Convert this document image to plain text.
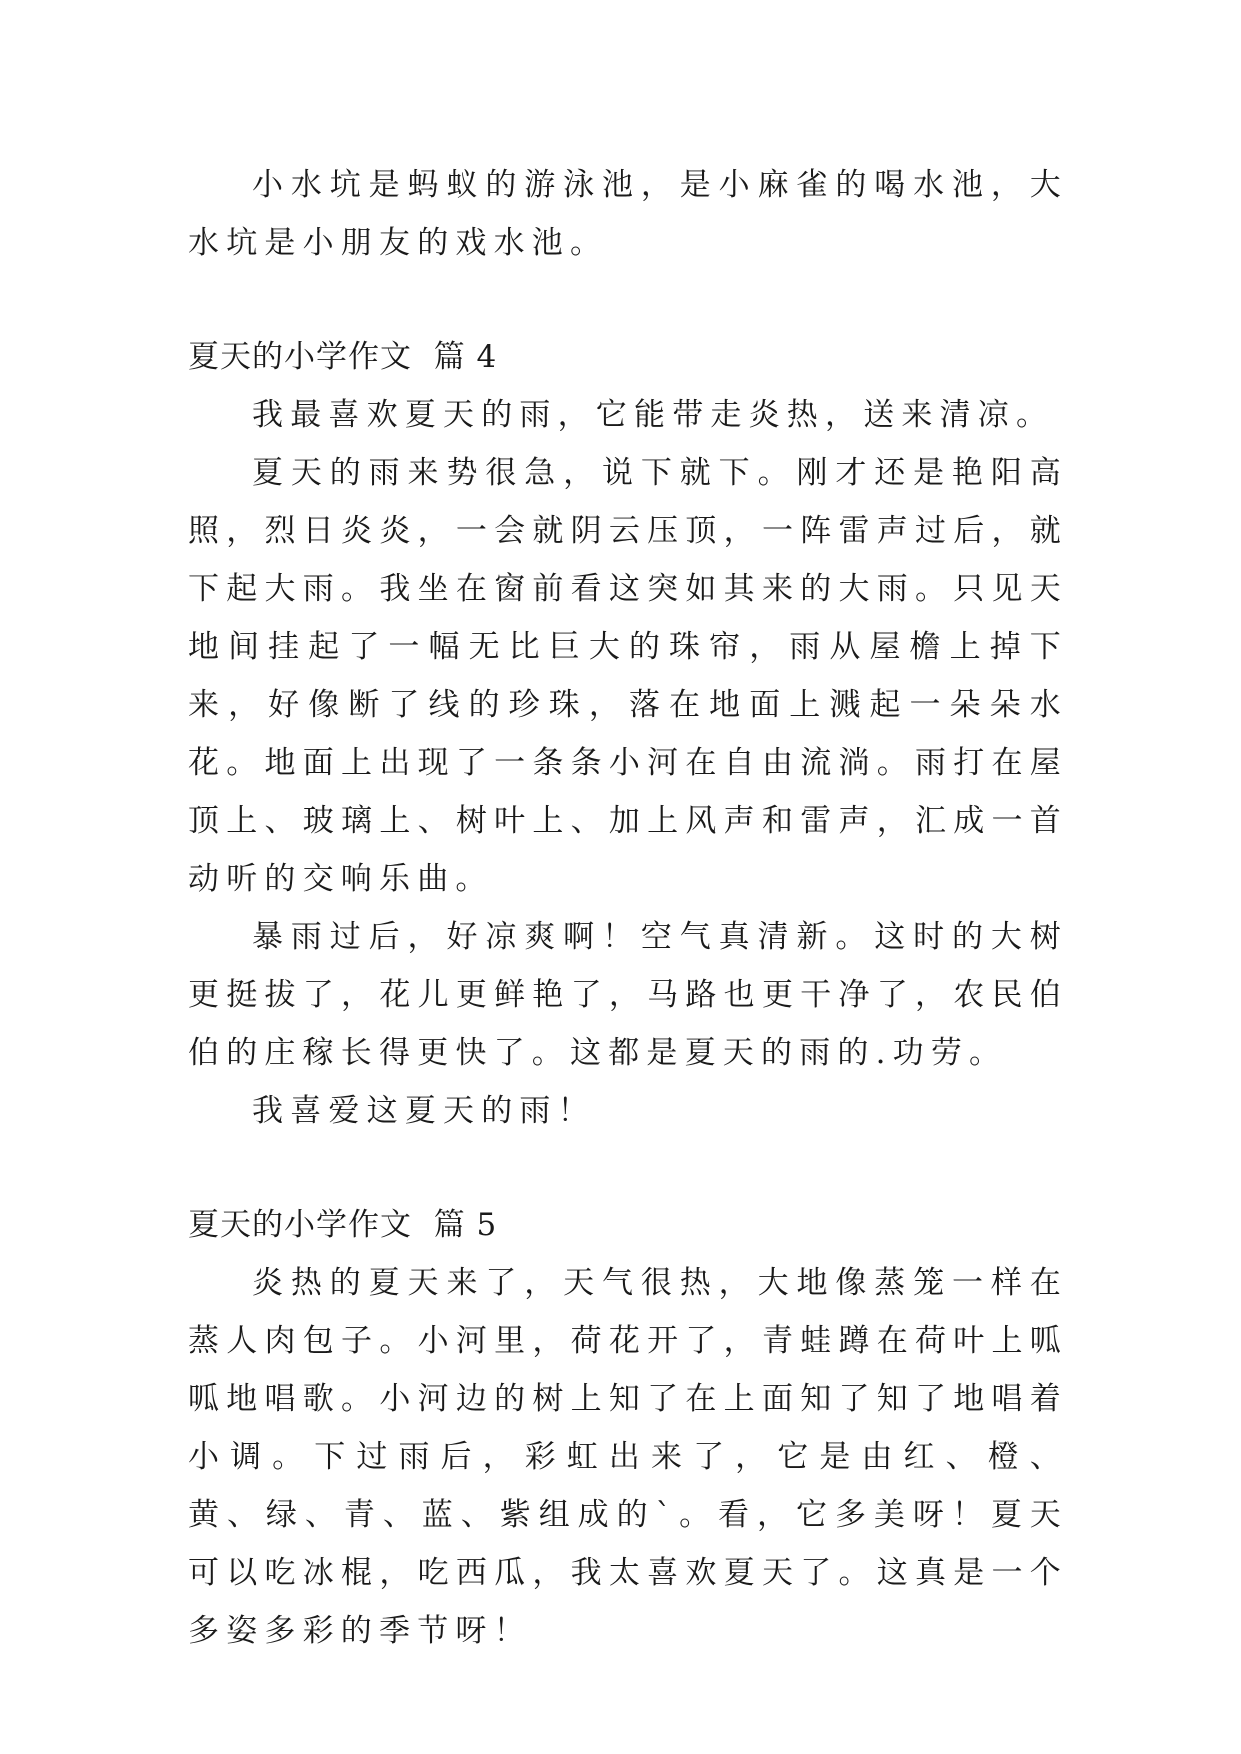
小水坑是蚂蚁的游泳池，是小麻雀的喝水池，大水坑是小朋友的戏水池。

夏天的小学作文  篇 4

我最喜欢夏天的雨，它能带走炎热，送来清凉。

夏天的雨来势很急，说下就下。刚才还是艳阳高照，烈日炎炎，一会就阴云压顶，一阵雷声过后，就下起大雨。我坐在窗前看这突如其来的大雨。只见天地间挂起了一幅无比巨大的珠帘，雨从屋檐上掉下来，好像断了线的珍珠，落在地面上溅起一朵朵水花。地面上出现了一条条小河在自由流淌。雨打在屋顶上、玻璃上、树叶上、加上风声和雷声，汇成一首动听的交响乐曲。

暴雨过后，好凉爽啊！空气真清新。这时的大树更挺拔了，花儿更鲜艳了，马路也更干净了，农民伯伯的庄稼长得更快了。这都是夏天的雨的.功劳。

我喜爱这夏天的雨！

夏天的小学作文  篇 5

炎热的夏天来了，天气很热，大地像蒸笼一样在蒸人肉包子。小河里，荷花开了，青蛙蹲在荷叶上呱呱地唱歌。小河边的树上知了在上面知了知了地唱着小调。下过雨后，彩虹出来了，它是由红、橙、 黄、绿、青、蓝、紫组成的`。看，它多美呀！夏天可以吃冰棍，吃西瓜，我太喜欢夏天了。这真是一个多姿多彩的季节呀！
